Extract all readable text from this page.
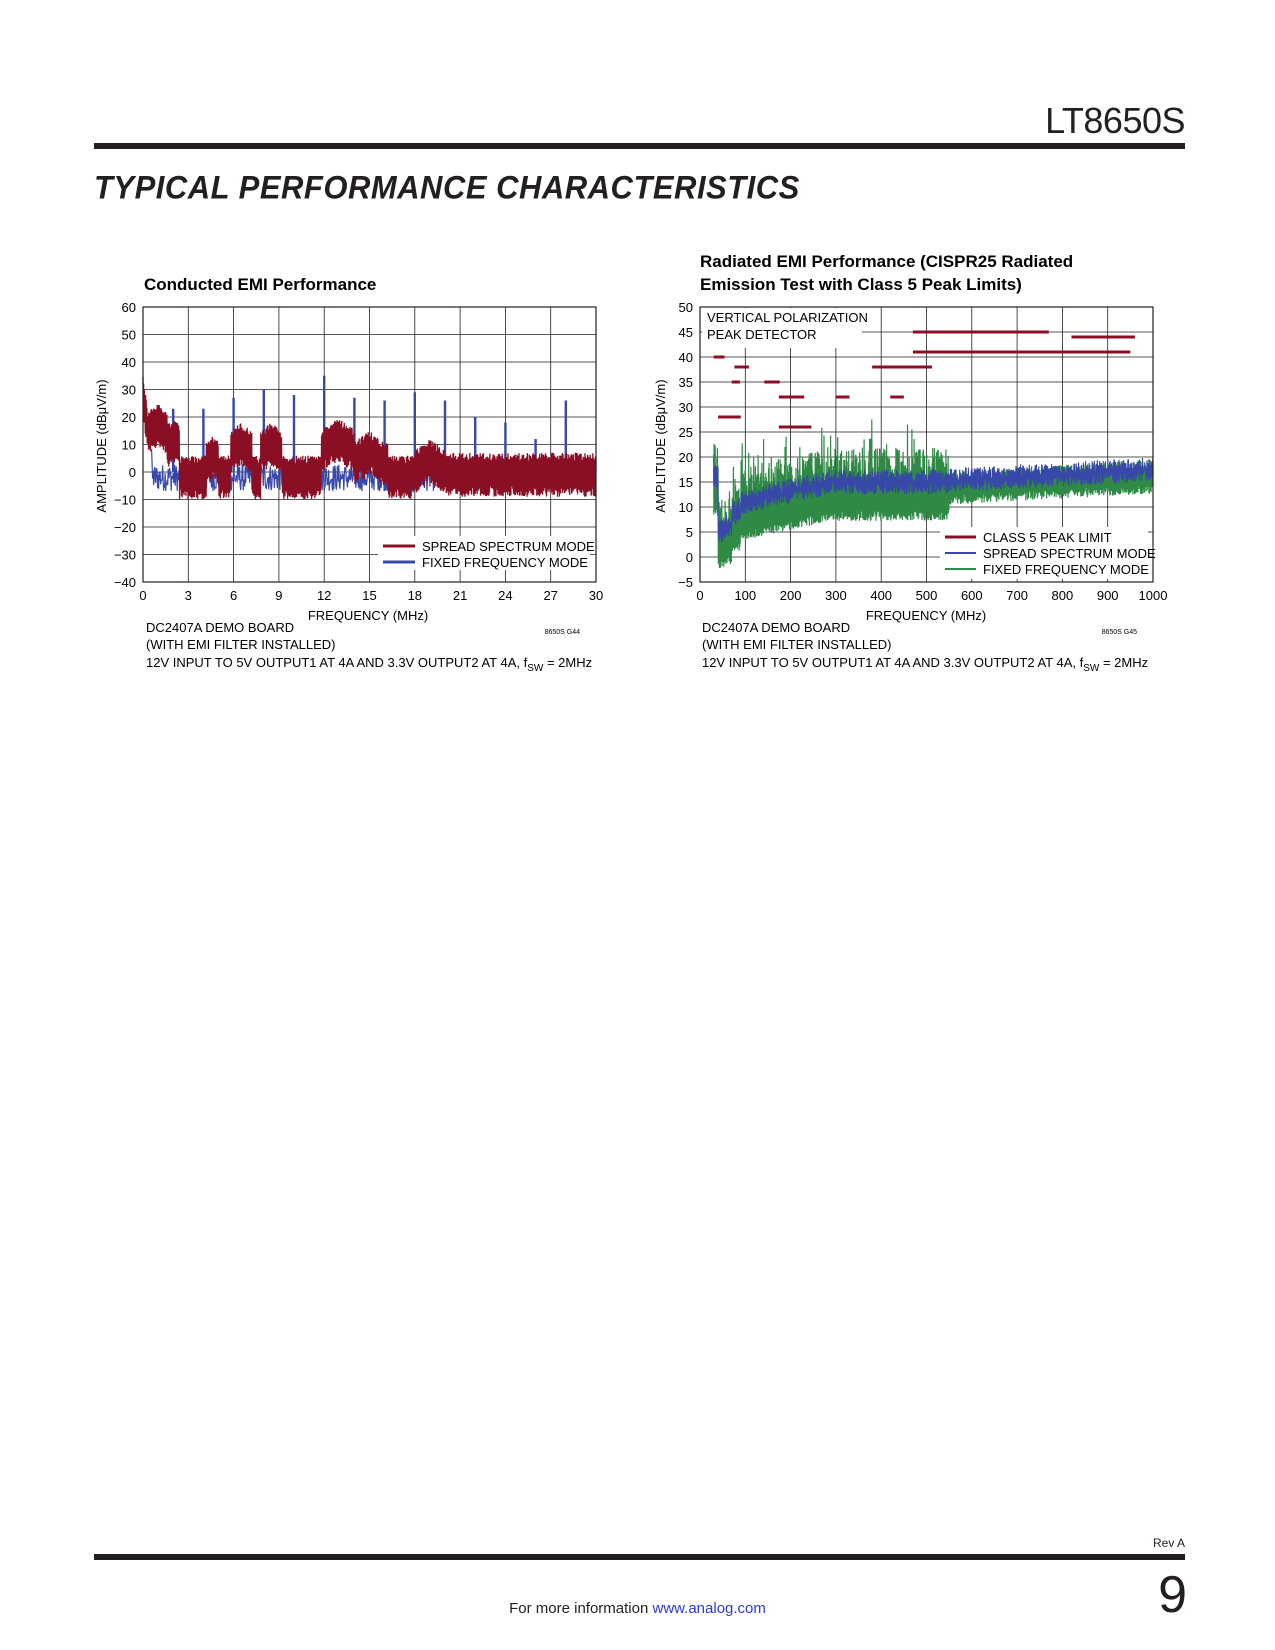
LT8650S
TYPICAL PERFORMANCE CHARACTERISTICS
Conducted EMI Performance
60
50
40
30
20
10
0
−10
−20
−30
−40
0	3	6	9	12 15 18 21 24 27 30
FREQUENCY (MHz)
AMPLITUDE (dBμV/m)
SPREAD SPECTRUM MODE
FIXED FREQUENCY MODE
DC2407A DEMO BOARD
(WITH EMI FILTER INSTALLED)
12V INPUT TO 5V OUTPUT1 AT 4A AND 3.3V OUTPUT2 AT 4A, $f_{SW} = 2MHz$
8650S G44
Radiated EMI Performance (CISPR25 Radiated
Emission Test with Class 5 Peak Limits)
50
45
40
35
30
25
20
15
10
5
0
−5
0 100 200 300 400 500 600 700 800 900 1000
VERTICAL POLARIZATION
PEAK DETECTOR
FREQUENCY (MHz)
AMPLITUDE (dBμV/m)
CLASS 5 PEAK LIMIT
SPREAD SPECTRUM MODE
FIXED FREQUENCY MODE
DC2407A DEMO BOARD
(WITH EMI FILTER INSTALLED)
12V INPUT TO 5V OUTPUT1 AT 4A AND 3.3V OUTPUT2 AT 4A, $f_{SW} = 2MHz$
8650S G45
Rev A
For more information www.analog.com	9
